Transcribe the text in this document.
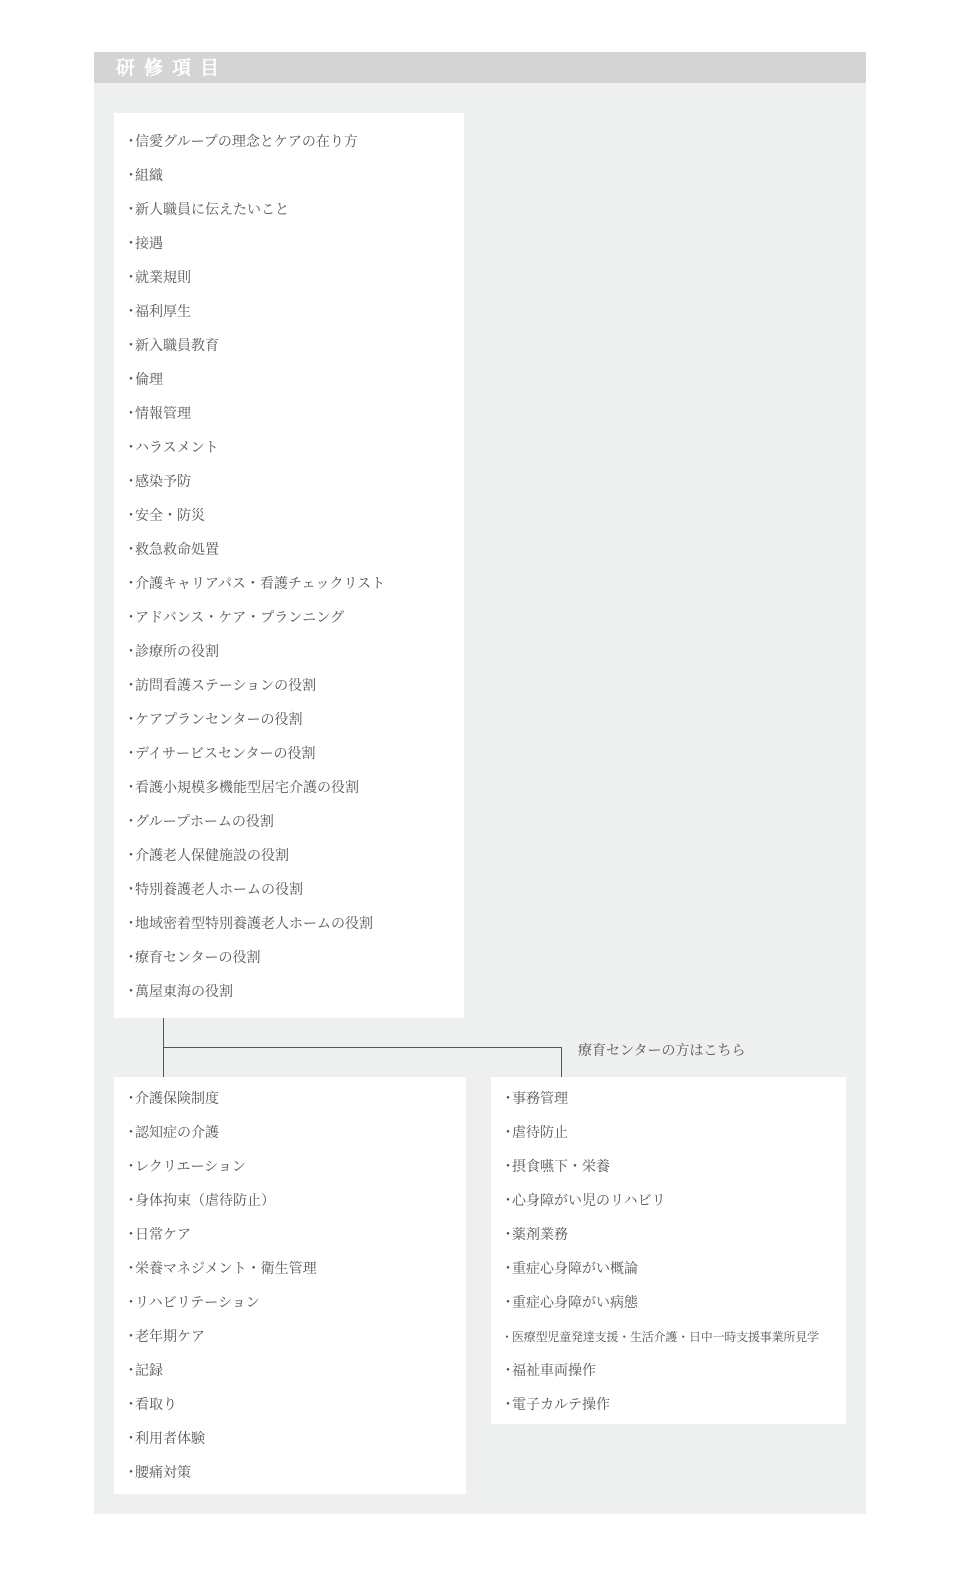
研修項目
・信愛グループの理念とケアの在り方
・組織
・新人職員に伝えたいこと
・接遇
・就業規則
・福利厚生
・新入職員教育
・倫理
・情報管理
・ハラスメント
・感染予防
・安全・防災
・救急救命処置
・介護キャリアパス・看護チェックリスト
・アドバンス・ケア・プランニング
・診療所の役割
・訪問看護ステーションの役割
・ケアプランセンターの役割
・デイサービスセンターの役割
・看護小規模多機能型居宅介護の役割
・グループホームの役割
・介護老人保健施設の役割
・特別養護老人ホームの役割
・地域密着型特別養護老人ホームの役割
・療育センターの役割
・萬屋東海の役割
療育センターの方はこちら
・介護保険制度
・認知症の介護
・レクリエーション
・身体拘束（虐待防止）
・日常ケア
・栄養マネジメント・衛生管理
・リハビリテーション
・老年期ケア
・記録
・看取り
・利用者体験
・腰痛対策
・事務管理
・虐待防止
・摂食嚥下・栄養
・心身障がい児のリハビリ
・薬剤業務
・重症心身障がい概論
・重症心身障がい病態
・医療型児童発達支援・生活介護・日中一時支援事業所見学
・福祉車両操作
・電子カルテ操作
